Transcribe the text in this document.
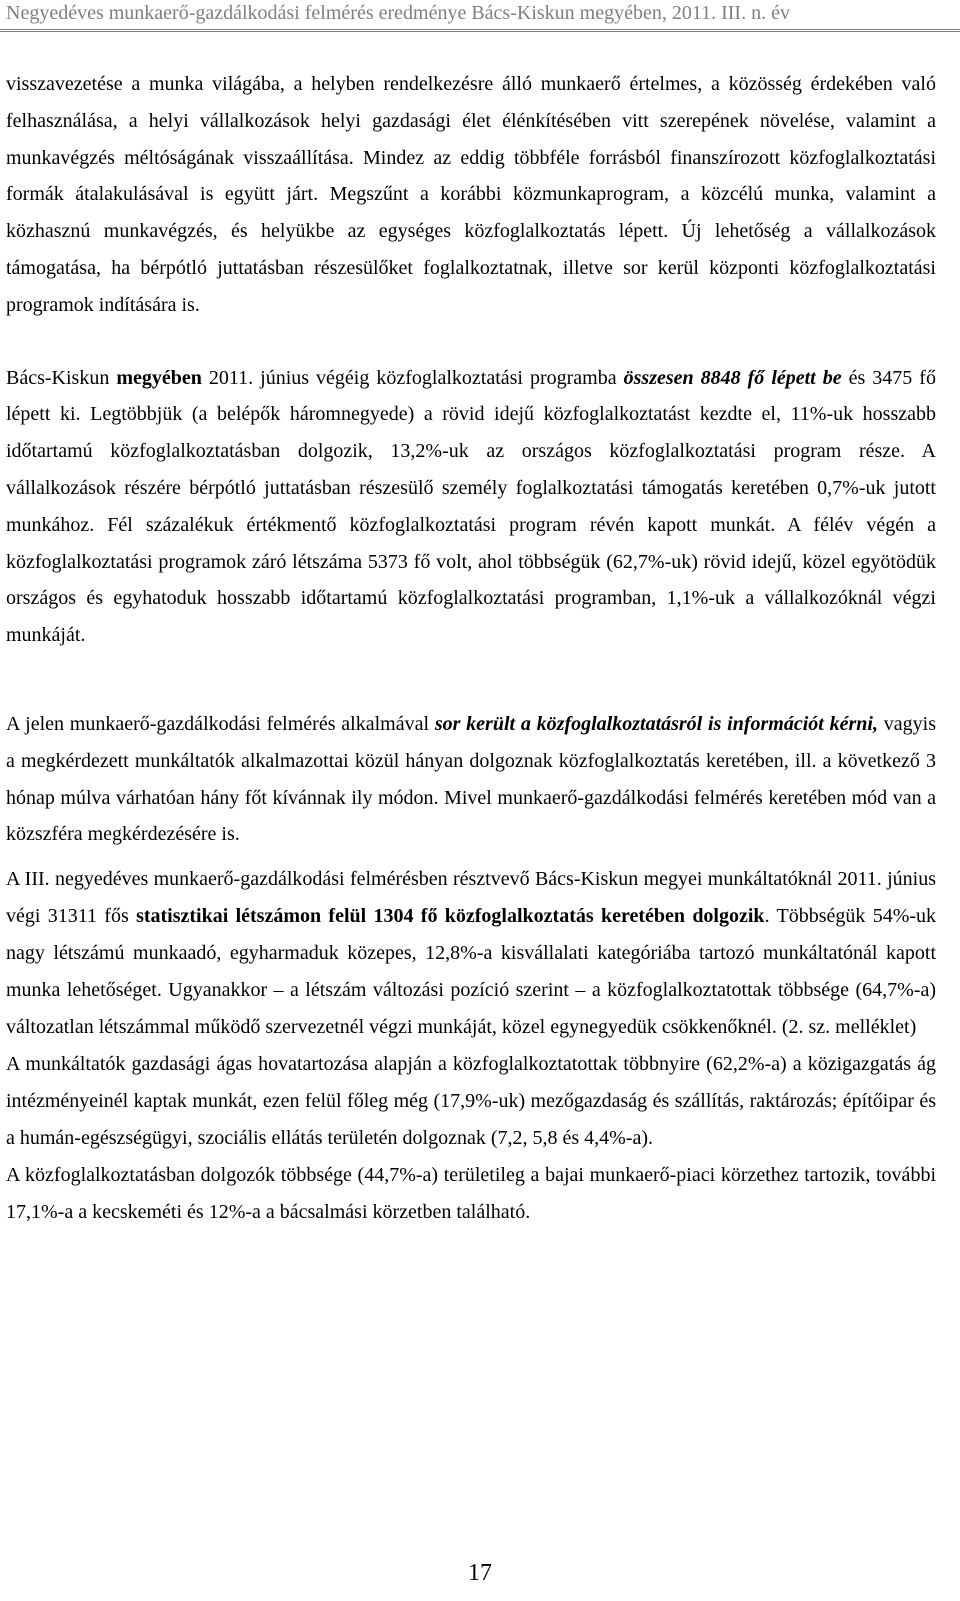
Negyedéves munkaerő-gazdálkodási felmérés eredménye Bács-Kiskun megyében, 2011. III. n. év

visszavezetése a munka világába, a helyben rendelkezésre álló munkaerő értelmes, a közösség érdekében való felhasználása, a helyi vállalkozások helyi gazdasági élet élénkítésében vitt szerepének növelése, valamint a munkavégzés méltóságának visszaállítása. Mindez az eddig többféle forrásból finanszírozott közfoglalkoztatási formák átalakulásával is együtt járt. Megszűnt a korábbi közmunkaprogram, a közcélú munka, valamint a közhasznú munkavégzés, és helyükbe az egységes közfoglalkoztatás lépett. Új lehetőség a vállalkozások támogatása, ha bérpótló juttatásban részesülőket foglalkoztatnak, illetve sor kerül központi közfoglalkoztatási programok indítására is.

Bács-Kiskun megyében 2011. június végéig közfoglalkoztatási programba összesen 8848 fő lépett be és 3475 fő lépett ki. Legtöbbjük (a belépők háromnegyede) a rövid idejű közfoglalkoztatást kezdte el, 11%-uk hosszabb időtartamú közfoglalkoztatásban dolgozik, 13,2%-uk az országos közfoglalkoztatási program része. A vállalkozások részére bérpótló juttatásban részesülő személy foglalkoztatási támogatás keretében 0,7%-uk jutott munkához. Fél százalékuk értékmentő közfoglalkoztatási program révén kapott munkát. A félév végén a közfoglalkoztatási programok záró létszáma 5373 fő volt, ahol többségük (62,7%-uk) rövid idejű, közel egyötödük országos és egyhatoduk hosszabb időtartamú közfoglalkoztatási programban, 1,1%-uk a vállalkozóknál végzi munkáját.

A jelen munkaerő-gazdálkodási felmérés alkalmával sor került a közfoglalkoztatásról is információt kérni, vagyis a megkérdezett munkáltatók alkalmazottai közül hányan dolgoznak közfoglalkoztatás keretében, ill. a következő 3 hónap múlva várhatóan hány főt kívánnak ily módon. Mivel munkaerő-gazdálkodási felmérés keretében mód van a közszféra megkérdezésére is.

A III. negyedéves munkaerő-gazdálkodási felmérésben résztvevő Bács-Kiskun megyei munkáltatóknál 2011. június végi 31311 fős statisztikai létszámon felül 1304 fő közfoglalkoztatás keretében dolgozik. Többségük 54%-uk nagy létszámú munkaadó, egyharmaduk közepes, 12,8%-a kisvállalati kategóriába tartozó munkáltatónál kapott munka lehetőséget. Ugyanakkor – a létszám változási pozíció szerint – a közfoglalkoztatottak többsége (64,7%-a) változatlan létszámmal működő szervezetnél végzi munkáját, közel egynegyedük csökkenőknél. (2. sz. melléklet)

A munkáltatók gazdasági ágas hovatartozása alapján a közfoglalkoztatottak többnyire (62,2%-a) a közigazgatás ág intézményeinél kaptak munkát, ezen felül főleg még (17,9%-uk) mezőgazdaság és szállítás, raktározás; építőipar és a humán-egészségügyi, szociális ellátás területén dolgoznak (7,2, 5,8 és 4,4%-a).

A közfoglalkoztatásban dolgozók többsége (44,7%-a) területileg a bajai munkaerő-piaci körzethez tartozik, további 17,1%-a a kecskeméti és 12%-a a bácsalmási körzetben található.

17
